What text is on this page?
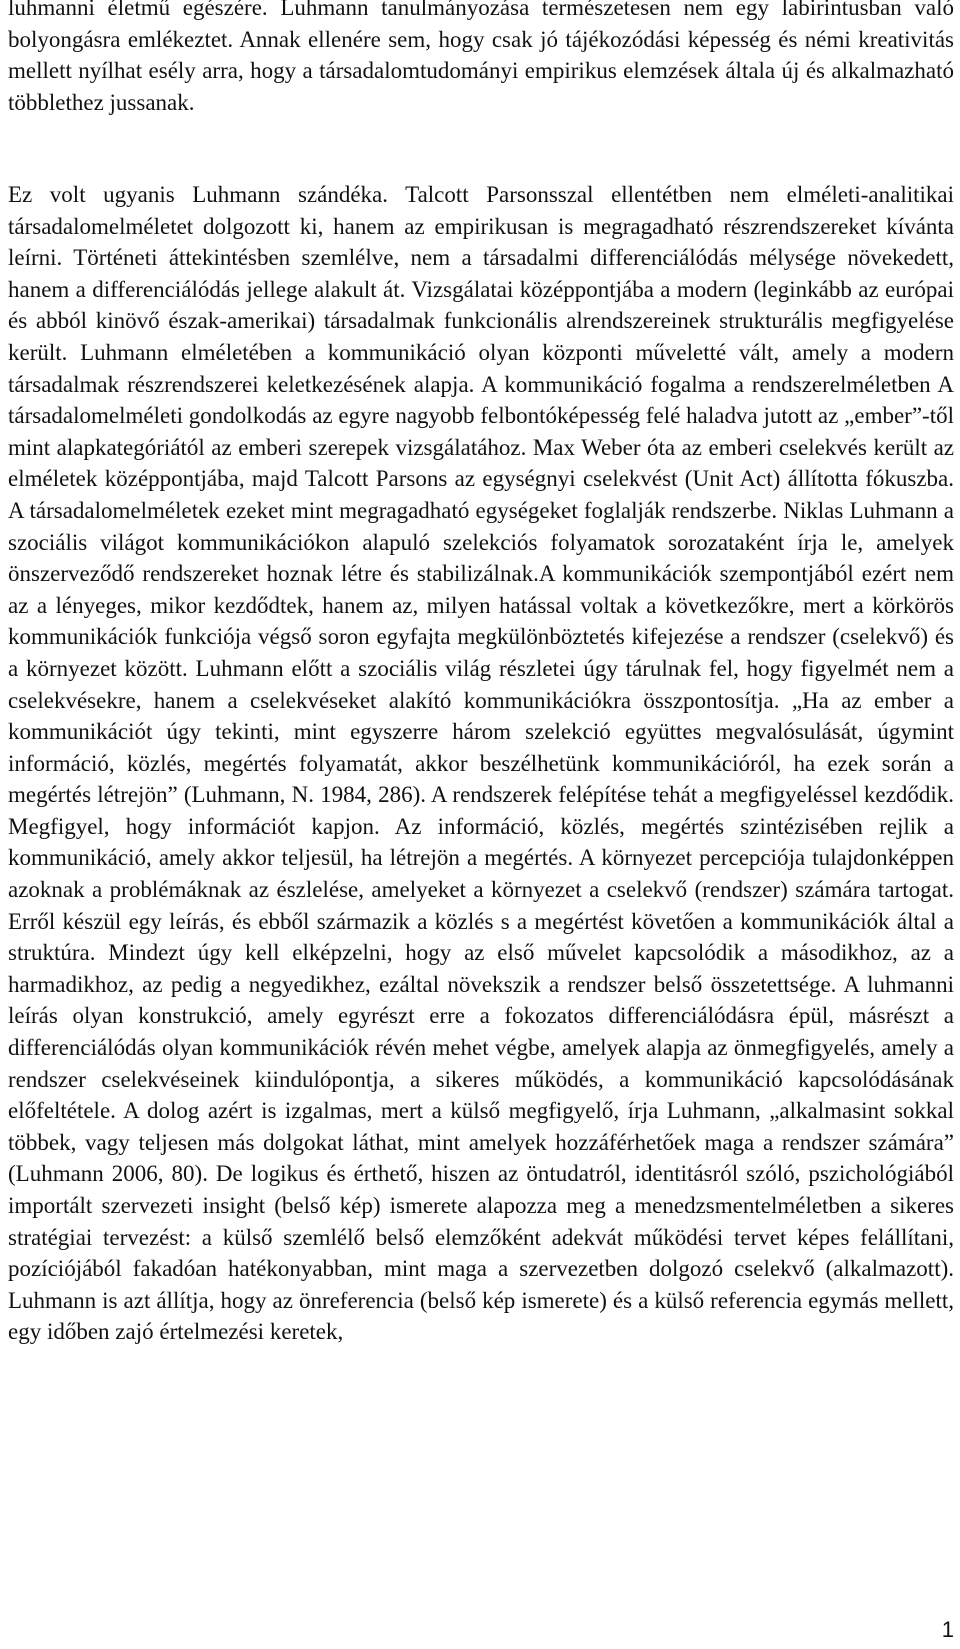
luhmanni életmű egészére. Luhmann tanulmányozása természetesen nem egy labirintusban való bolyongásra emlékeztet. Annak ellenére sem, hogy csak jó tájékozódási képesség és némi kreativitás mellett nyílhat esély arra, hogy a társadalomtudományi empirikus elemzések általa új és alkalmazható többlethez jussanak.

Ez volt ugyanis Luhmann szándéka. Talcott Parsonsszal ellentétben nem elméleti-analitikai társadalomelméletet dolgozott ki, hanem az empirikusan is megragadható részrendszereket kívánta leírni. Történeti áttekintésben szemlélve, nem a társadalmi differenciálódás mélysége növekedett, hanem a differenciálódás jellege alakult át. Vizsgálatai középpontjába a modern (leginkább az európai és abból kinövő észak-amerikai) társadalmak funkcionális alrendszereinek strukturális megfigyelése került. Luhmann elméletében a kommunikáció olyan központi műveletté vált, amely a modern társadalmak részrendszerei keletkezésének alapja. A kommunikáció fogalma a rendszerelméletben A társadalomelméleti gondolkodás az egyre nagyobb felbontóképesség felé haladva jutott az „ember”-től mint alapkategóriától az emberi szerepek vizsgálatához. Max Weber óta az emberi cselekvés került az elméletek középpontjába, majd Talcott Parsons az egységnyi cselekvést (Unit Act) állította fókuszba. A társadalomelméletek ezeket mint megragadható egységeket foglalják rendszerbe. Niklas Luhmann a szociális világot kommunikációkon alapuló szelekciós folyamatok sorozataként írja le, amelyek önszerveződő rendszereket hoznak létre és stabilizálnak.A kommunikációk szempontjából ezért nem az a lényeges, mikor kezdődtek, hanem az, milyen hatással voltak a következőkre, mert a körkörös kommunikációk funkciója végső soron egyfajta megkülönböztetés kifejezése a rendszer (cselekvő) és a környezet között. Luhmann előtt a szociális világ részletei úgy tárulnak fel, hogy figyelmét nem a cselekvésekre, hanem a cselekvéseket alakító kommunikációkra összpontosítja. „Ha az ember a kommunikációt úgy tekinti, mint egyszerre három szelekció együttes megvalósulását, úgymint információ, közlés, megértés folyamatát, akkor beszélhetünk kommunikációról, ha ezek során a megértés létrejön” (Luhmann, N. 1984, 286). A rendszerek felépítése tehát a megfigyeléssel kezdődik. Megfigyel, hogy információt kapjon. Az információ, közlés, megértés szintézisében rejlik a kommunikáció, amely akkor teljesül, ha létrejön a megértés. A környezet percepciója tulajdonképpen azoknak a problémáknak az észlelése, amelyeket a környezet a cselekvő (rendszer) számára tartogat. Erről készül egy leírás, és ebből származik a közlés s a megértést követően a kommunikációk által a struktúra. Mindezt úgy kell elképzelni, hogy az első művelet kapcsolódik a másodikhoz, az a harmadikhoz, az pedig a negyedikhez, ezáltal növekszik a rendszer belső összetettsége. A luhmanni leírás olyan konstrukció, amely egyrészt erre a fokozatos differenciálódásra épül, másrészt a differenciálódás olyan kommunikációk révén mehet végbe, amelyek alapja az önmegfigyelés, amely a rendszer cselekvéseinek kiindulópontja, a sikeres működés, a kommunikáció kapcsolódásának előfeltétele. A dolog azért is izgalmas, mert a külső megfigyelő, írja Luhmann, „alkalmasint sokkal többek, vagy teljesen más dolgokat láthat, mint amelyek hozzáférhetőek maga a rendszer számára” (Luhmann 2006, 80). De logikus és érthető, hiszen az öntudatról, identitásról szóló, pszichológiából importált szervezeti insight (belső kép) ismerete alapozza meg a menedzsmentelméletben a sikeres stratégiai tervezést: a külső szemlélő belső elemzőként adekvát működési tervet képes felállítani, pozíciójából fakadóan hatékonyabban, mint maga a szervezetben dolgozó cselekvő (alkalmazott). Luhmann is azt állítja, hogy az önreferencia (belső kép ismerete) és a külső referencia egymás mellett, egy időben zajó értelmezési keretek,

1
